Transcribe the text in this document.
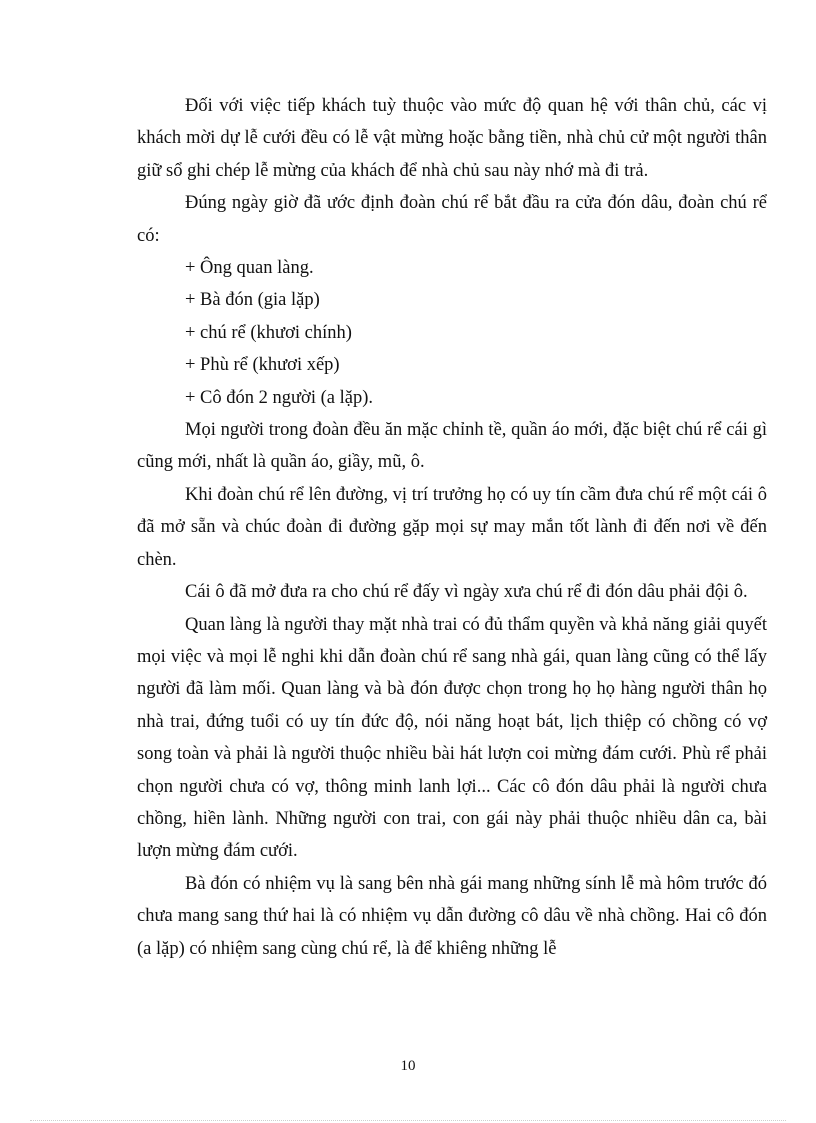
Đối với việc tiếp khách tuỳ thuộc vào mức độ quan hệ với thân chủ, các vị khách mời dự lễ cưới đều có lễ vật mừng hoặc bằng tiền, nhà chủ cử một người thân giữ sổ ghi chép lễ mừng của khách để nhà chủ sau này nhớ mà đi trả.

Đúng ngày giờ đã ước định đoàn chú rể bắt đầu ra cửa đón dâu, đoàn chú rể có:

+ Ông quan làng.

+ Bà đón (gia lặp)

+ chú rể (khươi chính)

+ Phù rể (khươi xếp)

+ Cô đón 2 người (a lặp).

Mọi người trong đoàn đều ăn mặc chỉnh tề, quần áo mới, đặc biệt chú rể cái gì cũng mới, nhất là quần áo, giầy, mũ, ô.

Khi đoàn chú rể lên đường, vị trí trưởng họ có uy tín cầm đưa chú rể một cái ô đã mở sẵn và chúc đoàn đi đường gặp mọi sự may mắn tốt lành đi đến nơi về đến chèn.

Cái ô đã mở đưa ra cho chú rể đấy vì ngày xưa chú rể đi đón dâu phải đội ô.

Quan làng là người thay mặt nhà trai có đủ thẩm quyền và khả năng giải quyết mọi việc và mọi lễ nghi khi dẫn đoàn chú rể sang nhà gái, quan làng cũng có thể lấy người đã làm mối. Quan làng và bà đón được chọn trong họ họ hàng người thân họ nhà trai, đứng tuổi có uy tín đức độ, nói năng hoạt bát, lịch thiệp có chồng có vợ song toàn và phải là người thuộc nhiều bài hát lượn coi mừng đám cưới. Phù rể phải chọn người chưa có vợ, thông minh lanh lợi... Các cô đón dâu phải là người chưa chồng, hiền lành. Những người con trai, con gái này phải thuộc nhiều dân ca, bài lượn mừng đám cưới.

Bà đón có nhiệm vụ là sang bên nhà gái mang những sính lễ mà hôm trước đó chưa mang sang thứ hai là có nhiệm vụ dẫn đường cô dâu về nhà chồng. Hai cô đón (a lặp) có nhiệm sang cùng chú rể, là để khiêng những lễ

10
